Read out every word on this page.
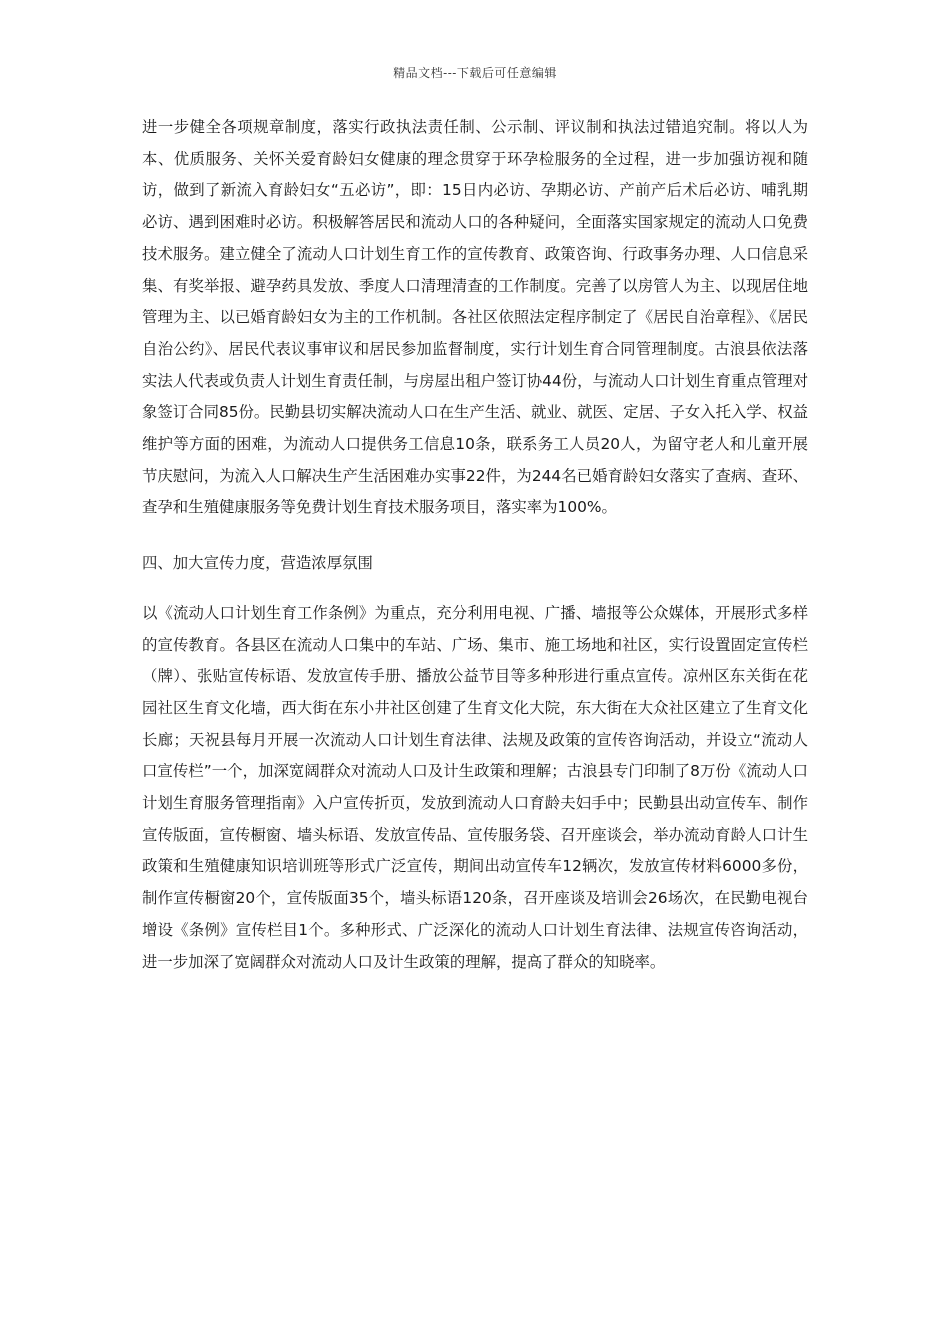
精品文档---下载后可任意编辑

进一步健全各项规章制度，落实行政执法责任制、公示制、评议制和执法过错追究制。将以人为本、优质服务、关怀关爱育龄妇女健康的理念贯穿于环孕检服务的全过程，进一步加强访视和随访，做到了新流入育龄妇女“五必访”，即：15日内必访、孕期必访、产前产后术后必访、哺乳期必访、遇到困难时必访。积极解答居民和流动人口的各种疑问，全面落实国家规定的流动人口免费技术服务。建立健全了流动人口计划生育工作的宣传教育、政策咨询、行政事务办理、人口信息采集、有奖举报、避孕药具发放、季度人口清理清查的工作制度。完善了以房管人为主、以现居住地管理为主、以已婚育龄妇女为主的工作机制。各社区依照法定程序制定了《居民自治章程》、《居民自治公约》、居民代表议事审议和居民参加监督制度，实行计划生育合同管理制度。古浪县依法落实法人代表或负责人计划生育责任制，与房屋出租户签订协44份，与流动人口计划生育重点管理对象签订合同85份。民勤县切实解决流动人口在生产生活、就业、就医、定居、子女入托入学、权益维护等方面的困难，为流动人口提供务工信息10条，联系务工人员20人，为留守老人和儿童开展节庆慰问，为流入人口解决生产生活困难办实事22件，为244名已婚育龄妇女落实了查病、查环、查孕和生殖健康服务等免费计划生育技术服务项目，落实率为100%。

四、加大宣传力度，营造浓厚氛围

以《流动人口计划生育工作条例》为重点，充分利用电视、广播、墙报等公众媒体，开展形式多样的宣传教育。各县区在流动人口集中的车站、广场、集市、施工场地和社区，实行设置固定宣传栏（牌）、张贴宣传标语、发放宣传手册、播放公益节目等多种形进行重点宣传。凉州区东关街在花园社区生育文化墙，西大街在东小井社区创建了生育文化大院，东大街在大众社区建立了生育文化长廊；天祝县每月开展一次流动人口计划生育法律、法规及政策的宣传咨询活动，并设立“流动人口宣传栏”一个，加深宽阔群众对流动人口及计生政策和理解；古浪县专门印制了8万份《流动人口计划生育服务管理指南》入户宣传折页，发放到流动人口育龄夫妇手中；民勤县出动宣传车、制作宣传版面，宣传橱窗、墙头标语、发放宣传品、宣传服务袋、召开座谈会，举办流动育龄人口计生政策和生殖健康知识培训班等形式广泛宣传，期间出动宣传车12辆次，发放宣传材料6000多份，制作宣传橱窗20个，宣传版面35个，墙头标语120条，召开座谈及培训会26场次，在民勤电视台增设《条例》宣传栏目1个。多种形式、广泛深化的流动人口计划生育法律、法规宣传咨询活动，进一步加深了宽阔群众对流动人口及计生政策的理解，提高了群众的知晓率。
